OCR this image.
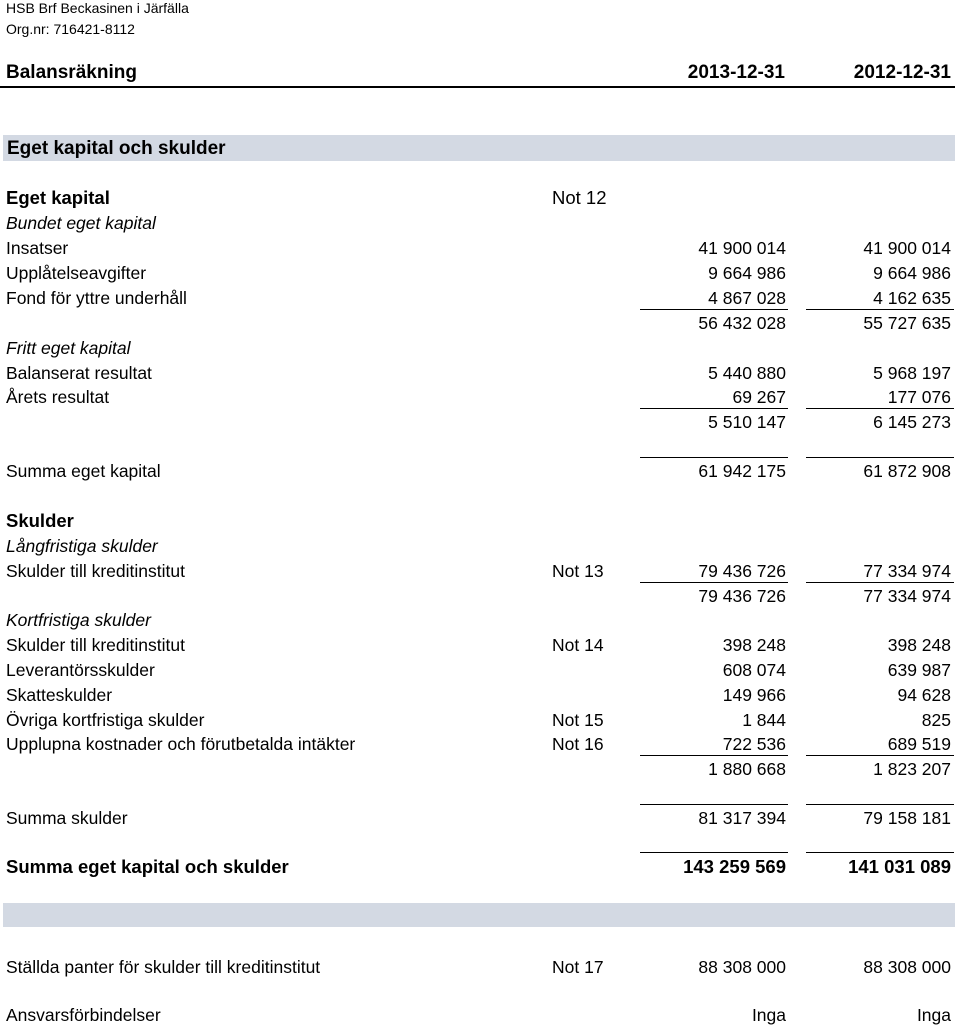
HSB Brf Beckasinen i Järfälla
Org.nr: 716421-8112
Balansräkning	2013-12-31	2012-12-31
Eget kapital och skulder
Eget kapital	Not 12
Bundet eget kapital
Insatser	41 900 014	41 900 014
Upplåtelseavgifter	9 664 986	9 664 986
Fond för yttre underhåll	4 867 028	4 162 635
56 432 028	55 727 635
Fritt eget kapital
Balanserat resultat	5 440 880	5 968 197
Årets resultat	69 267	177 076
5 510 147	6 145 273
Summa eget kapital	61 942 175	61 872 908
Skulder
Långfristiga skulder
Skulder till kreditinstitut	Not 13	79 436 726	77 334 974
79 436 726	77 334 974
Kortfristiga skulder
Skulder till kreditinstitut	Not 14	398 248	398 248
Leverantörsskulder	608 074	639 987
Skatteskulder	149 966	94 628
Övriga kortfristiga skulder	Not 15	1 844	825
Upplupna kostnader och förutbetalda intäkter	Not 16	722 536	689 519
1 880 668	1 823 207
Summa skulder	81 317 394	79 158 181
Summa eget kapital och skulder	143 259 569	141 031 089
Ställda panter för skulder till kreditinstitut	Not 17	88 308 000	88 308 000
Ansvarsförbindelser	Inga	Inga
